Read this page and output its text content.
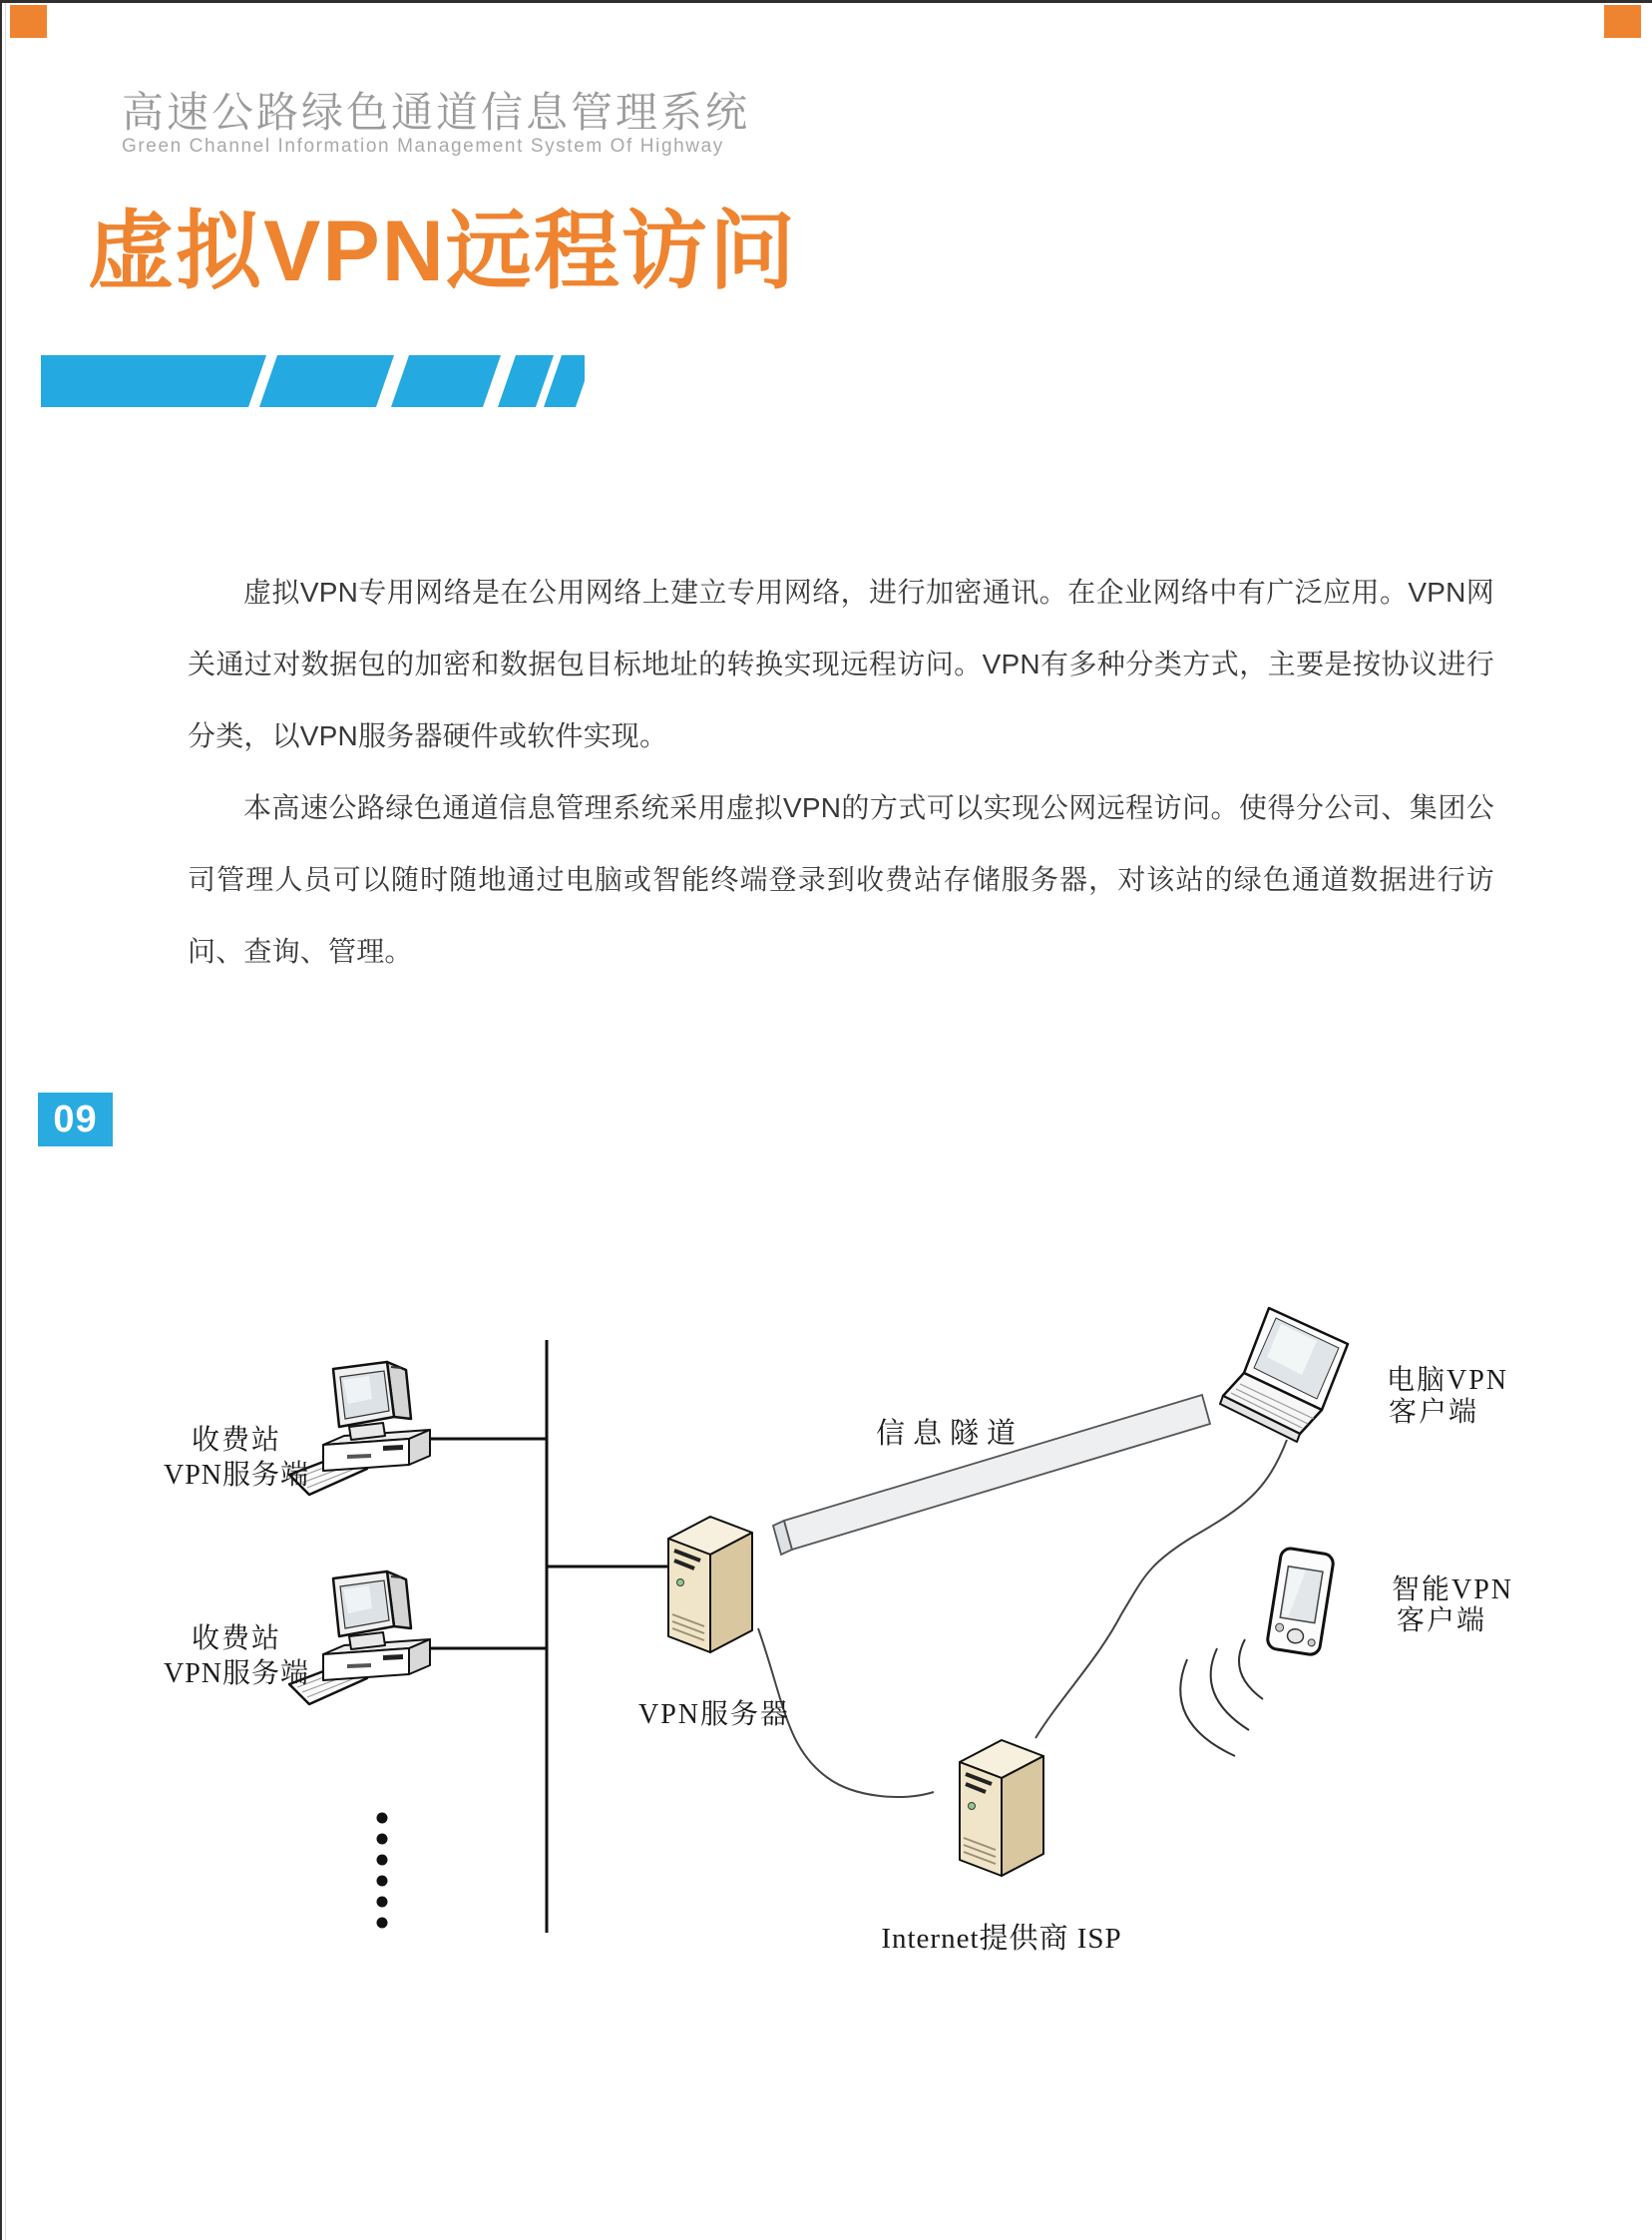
高速公路绿色通道信息管理系统
Green Channel Information Management System Of Highway
虚拟VPN远程访问

虚拟VPN专用网络是在公用网络上建立专用网络，进行加密通讯。在企业网络中有广泛应用。VPN网关通过对数据包的加密和数据包目标地址的转换实现远程访问。VPN有多种分类方式，主要是按协议进行分类，以VPN服务器硬件或软件实现。

本高速公路绿色通道信息管理系统采用虚拟VPN的方式可以实现公网远程访问。使得分公司、集团公司管理人员可以随时随地通过电脑或智能终端登录到收费站存储服务器，对该站的绿色通道数据进行访问、查询、管理。

09
收费站
VPN服务端
收费站
VPN服务端
VPN服务器
信息隧道
Internet提供商 ISP
电脑VPN
客户端
智能VPN
客户端
